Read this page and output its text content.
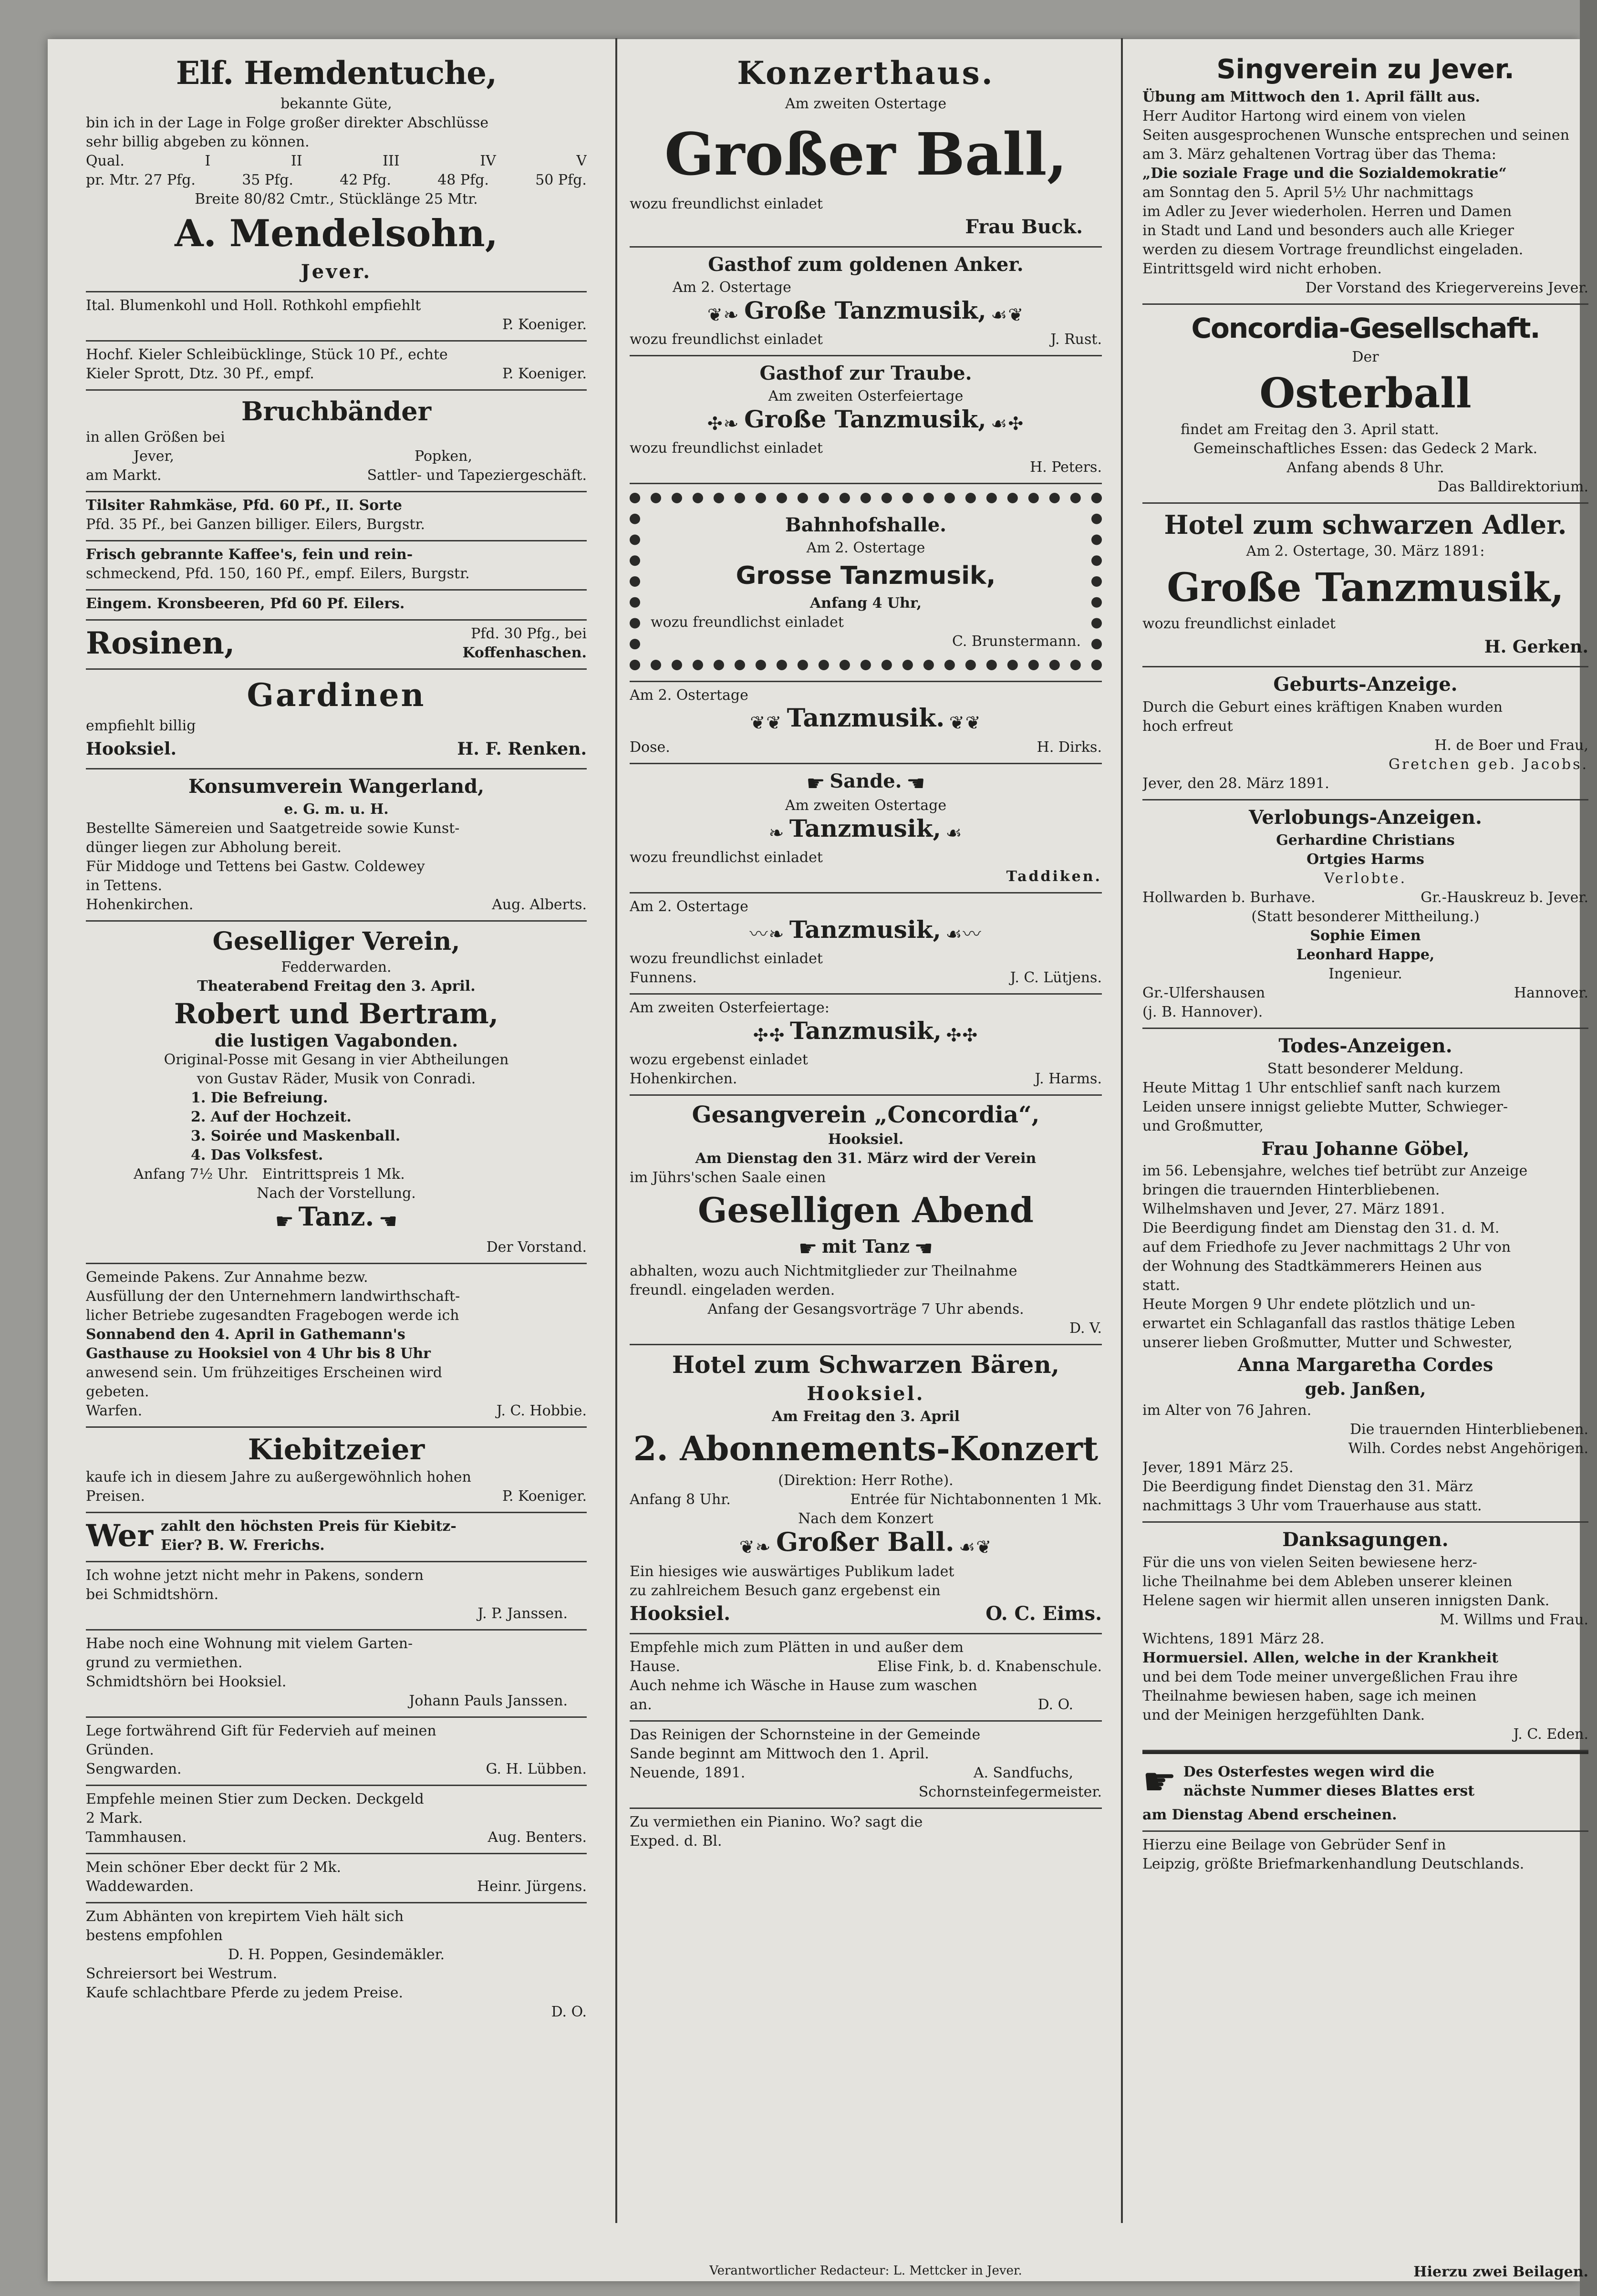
Elf. Hemdentuche,

bekannte Güte,

bin ich in der Lage in Folge großer direkter Abschlüsse

sehr billig abgeben zu können.

Qual.	I	II	III	IV	V

pr. Mtr. 27 Pfg.	35 Pfg.	42 Pfg.	48 Pfg.	50 Pfg.

Breite 80/82 Cmtr., Stücklänge 25 Mtr.

A. Mendelsohn,

Jever.

Ital. Blumenkohl und Holl. Rothkohl empfiehlt

P. Koeniger.

Hochf. Kieler Schleibücklinge, Stück 10 Pf., echte

Kieler Sprott, Dtz. 30 Pf., empf.	P. Koeniger.

Bruchbänder

in allen Größen bei

Jever,	Popken,

am Markt.	Sattler- und Tapeziergeschäft.

Tilsiter Rahmkäse, Pfd. 60 Pf., II. Sorte

Pfd. 35 Pf., bei Ganzen billiger. Eilers, Burgstr.

Frisch gebrannte Kaffee's, fein und rein-

schmeckend, Pfd. 150, 160 Pf., empf. Eilers, Burgstr.

Eingem. Kronsbeeren, Pfd 60 Pf. Eilers.

Rosinen,	Pfd. 30 Pfg., bei

Koffenhaschen.

Gardinen

empfiehlt billig

Hooksiel.	H. F. Renken.

Konsumverein Wangerland,

e. G. m. u. H.

Bestellte Sämereien und Saatgetreide sowie Kunst-

dünger liegen zur Abholung bereit.

Für Middoge und Tettens bei Gastw. Coldewey

in Tettens.

Hohenkirchen.	Aug. Alberts.

Geselliger Verein,

Fedderwarden.

Theaterabend Freitag den 3. April.

Robert und Bertram,

die lustigen Vagabonden.

Original-Posse mit Gesang in vier Abtheilungen

von Gustav Räder, Musik von Conradi.

1. Die Befreiung.

2. Auf der Hochzeit.

3. Soirée und Maskenball.

4. Das Volksfest.

Anfang 7½ Uhr. Eintrittspreis 1 Mk.

Nach der Vorstellung.

☛ Tanz. ☚

Der Vorstand.

Gemeinde Pakens. Zur Annahme bezw.

Ausfüllung der den Unternehmern landwirthschaft-

licher Betriebe zugesandten Fragebogen werde ich

Sonnabend den 4. April in Gathemann's

Gasthause zu Hooksiel von 4 Uhr bis 8 Uhr

anwesend sein. Um frühzeitiges Erscheinen wird

gebeten.

Warfen.	J. C. Hobbie.

Kiebitzeier

kaufe ich in diesem Jahre zu außergewöhnlich hohen

Preisen.	P. Koeniger.

Wer zahlt den höchsten Preis für Kiebitz-

Eier? B. W. Frerichs.

Ich wohne jetzt nicht mehr in Pakens, sondern

bei Schmidtshörn.

J. P. Janssen.

Habe noch eine Wohnung mit vielem Garten-

grund zu vermiethen.

Schmidtshörn bei Hooksiel.

Johann Pauls Janssen.

Lege fortwährend Gift für Federvieh auf meinen

Gründen.

Sengwarden.	G. H. Lübben.

Empfehle meinen Stier zum Decken. Deckgeld

2 Mark.

Tammhausen.	Aug. Benters.

Mein schöner Eber deckt für 2 Mk.

Waddewarden.	Heinr. Jürgens.

Zum Abhänten von krepirtem Vieh hält sich

bestens empfohlen

D. H. Poppen, Gesindemäkler.

Schreiersort bei Westrum.

Kaufe schlachtbare Pferde zu jedem Preise.

D. O.

Konzerthaus.

Am zweiten Ostertage

Großer Ball,

wozu freundlichst einladet

Frau Buck.

Gasthof zum goldenen Anker.

Am 2. Ostertage

❦❧ Große Tanzmusik, ☙❦

wozu freundlichst einladet	J. Rust.

Gasthof zur Traube.

Am zweiten Osterfeiertage

✣❧ Große Tanzmusik, ☙✣

wozu freundlichst einladet

H. Peters.

Bahnhofshalle.

Am 2. Ostertage

Grosse Tanzmusik,

Anfang 4 Uhr,

wozu freundlichst einladet

C. Brunstermann.

Am 2. Ostertage

❦❦ Tanzmusik. ❦❦

Dose.	H. Dirks.

☛ Sande. ☚

Am zweiten Ostertage

❧ Tanzmusik, ☙

wozu freundlichst einladet

Taddiken.

Am 2. Ostertage

〰❧ Tanzmusik, ☙〰

wozu freundlichst einladet

Funnens.	J. C. Lütjens.

Am zweiten Osterfeiertage:

✣✣ Tanzmusik, ✣✣

wozu ergebenst einladet

Hohenkirchen.	J. Harms.

Gesangverein „Concordia“,

Hooksiel.

Am Dienstag den 31. März wird der Verein

im Jührs'schen Saale einen

Geselligen Abend

☛ mit Tanz ☚

abhalten, wozu auch Nichtmitglieder zur Theilnahme

freundl. eingeladen werden.

Anfang der Gesangsvorträge 7 Uhr abends.

D. V.

Hotel zum Schwarzen Bären,

Hooksiel.

Am Freitag den 3. April

2. Abonnements-Konzert

(Direktion: Herr Rothe).

Anfang 8 Uhr.	Entrée für Nichtabonnenten 1 Mk.

Nach dem Konzert

❦❧ Großer Ball. ☙❦

Ein hiesiges wie auswärtiges Publikum ladet

zu zahlreichem Besuch ganz ergebenst ein

Hooksiel.	O. C. Eims.

Empfehle mich zum Plätten in und außer dem

Hause.	Elise Fink, b. d. Knabenschule.

Auch nehme ich Wäsche in Hause zum waschen

an.	D. O.

Das Reinigen der Schornsteine in der Gemeinde

Sande beginnt am Mittwoch den 1. April.

Neuende, 1891.	A. Sandfuchs,

Schornsteinfegermeister.

Zu vermiethen ein Pianino. Wo? sagt die

Exped. d. Bl.

Singverein zu Jever.

Übung am Mittwoch den 1. April fällt aus.

Herr Auditor Hartong wird einem von vielen

Seiten ausgesprochenen Wunsche entsprechen und seinen

am 3. März gehaltenen Vortrag über das Thema:

„Die soziale Frage und die Sozialdemokratie“

am Sonntag den 5. April 5½ Uhr nachmittags

im Adler zu Jever wiederholen. Herren und Damen

in Stadt und Land und besonders auch alle Krieger

werden zu diesem Vortrage freundlichst eingeladen.

Eintrittsgeld wird nicht erhoben.

Der Vorstand des Kriegervereins Jever.

Concordia-Gesellschaft.

Der

Osterball

findet am Freitag den 3. April statt.

Gemeinschaftliches Essen: das Gedeck 2 Mark.

Anfang abends 8 Uhr.

Das Balldirektorium.

Hotel zum schwarzen Adler.

Am 2. Ostertage, 30. März 1891:

Große Tanzmusik,

wozu freundlichst einladet

H. Gerken.

Geburts-Anzeige.

Durch die Geburt eines kräftigen Knaben wurden

hoch erfreut

H. de Boer und Frau,

Gretchen geb. Jacobs.

Jever, den 28. März 1891.

Verlobungs-Anzeigen.

Gerhardine Christians

Ortgies Harms

Verlobte.

Hollwarden b. Burhave.	Gr.-Hauskreuz b. Jever.

(Statt besonderer Mittheilung.)

Sophie Eimen

Leonhard Happe,

Ingenieur.

Gr.-Ulfershausen	Hannover.

(j. B. Hannover).

Todes-Anzeigen.

Statt besonderer Meldung.

Heute Mittag 1 Uhr entschlief sanft nach kurzem

Leiden unsere innigst geliebte Mutter, Schwieger-

und Großmutter,

Frau Johanne Göbel,

im 56. Lebensjahre, welches tief betrübt zur Anzeige

bringen die trauernden Hinterbliebenen.

Wilhelmshaven und Jever, 27. März 1891.

Die Beerdigung findet am Dienstag den 31. d. M.

auf dem Friedhofe zu Jever nachmittags 2 Uhr von

der Wohnung des Stadtkämmerers Heinen aus

statt.

Heute Morgen 9 Uhr endete plötzlich und un-

erwartet ein Schlaganfall das rastlos thätige Leben

unserer lieben Großmutter, Mutter und Schwester,

Anna Margaretha Cordes

geb. Janßen,

im Alter von 76 Jahren.

Die trauernden Hinterbliebenen.

Wilh. Cordes nebst Angehörigen.

Jever, 1891 März 25.

Die Beerdigung findet Dienstag den 31. März

nachmittags 3 Uhr vom Trauerhause aus statt.

Danksagungen.

Für die uns von vielen Seiten bewiesene herz-

liche Theilnahme bei dem Ableben unserer kleinen

Helene sagen wir hiermit allen unseren innigsten Dank.

M. Willms und Frau.

Wichtens, 1891 März 28.

Hormuersiel. Allen, welche in der Krankheit

und bei dem Tode meiner unvergeßlichen Frau ihre

Theilnahme bewiesen haben, sage ich meinen

und der Meinigen herzgefühlten Dank.

J. C. Eden.

☛ Des Osterfestes wegen wird die

nächste Nummer dieses Blattes erst

am Dienstag Abend erscheinen.

Hierzu eine Beilage von Gebrüder Senf in

Leipzig, größte Briefmarkenhandlung Deutschlands.

Verantwortlicher Redacteur: L. Mettcker in Jever.	Hierzu zwei Beilagen.
